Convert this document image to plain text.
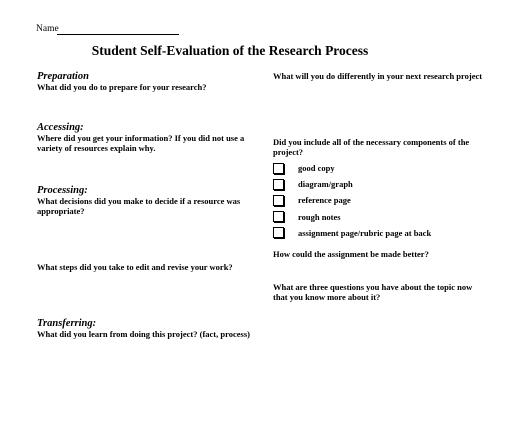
Name
Student Self-Evaluation of the Research Process
Preparation
What did you do to prepare for your research?
Accessing:
Where did you get your information? If you did not use a variety of resources explain why.
Processing:
What decisions did you make to decide if a resource was appropriate?
What steps did you take to edit and revise your work?
Transferring:
What did you learn from doing this project? (fact, process)
What will you do differently in your next research project
Did you include all of the necessary components of the project?
good copy
diagram/graph
reference page
rough notes
assignment page/rubric page at back
How could the assignment be made better?
What are three questions you have about the topic now that you know more about it?
